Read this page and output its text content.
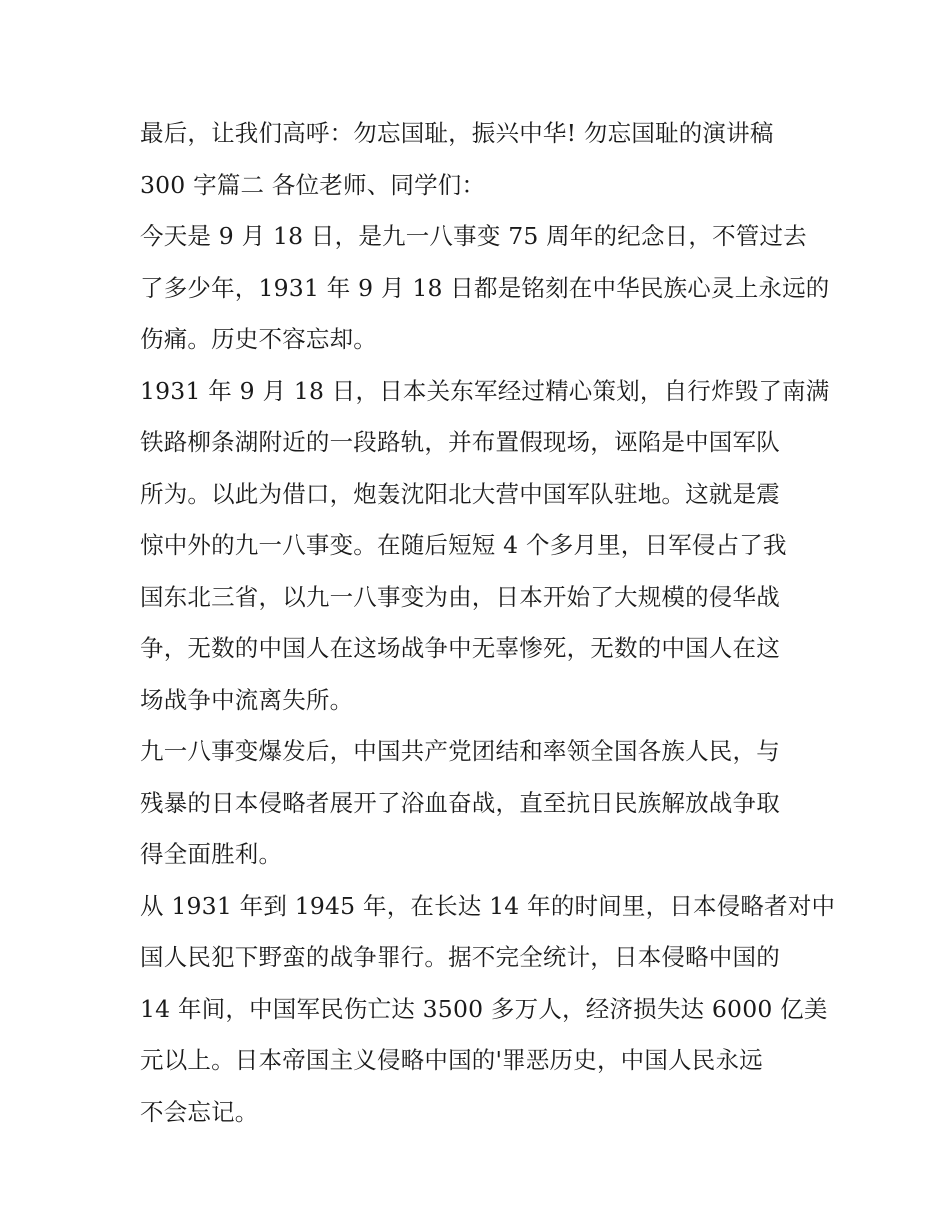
最后，让我们高呼：勿忘国耻，振兴中华! 勿忘国耻的演讲稿
300 字篇二 各位老师、同学们：
今天是 9 月 18 日，是九一八事变 75 周年的纪念日，不管过去
了多少年，1931 年 9 月 18 日都是铭刻在中华民族心灵上永远的
伤痛。历史不容忘却。
1931 年 9 月 18 日，日本关东军经过精心策划，自行炸毁了南满
铁路柳条湖附近的一段路轨，并布置假现场，诬陷是中国军队
所为。以此为借口，炮轰沈阳北大营中国军队驻地。这就是震
惊中外的九一八事变。在随后短短 4 个多月里，日军侵占了我
国东北三省，以九一八事变为由，日本开始了大规模的侵华战
争，无数的中国人在这场战争中无辜惨死，无数的中国人在这
场战争中流离失所。
九一八事变爆发后，中国共产党团结和率领全国各族人民，与
残暴的日本侵略者展开了浴血奋战，直至抗日民族解放战争取
得全面胜利。
从 1931 年到 1945 年，在长达 14 年的时间里，日本侵略者对中
国人民犯下野蛮的战争罪行。据不完全统计，日本侵略中国的
14 年间，中国军民伤亡达 3500 多万人，经济损失达 6000 亿美
元以上。日本帝国主义侵略中国的'罪恶历史，中国人民永远
不会忘记。
